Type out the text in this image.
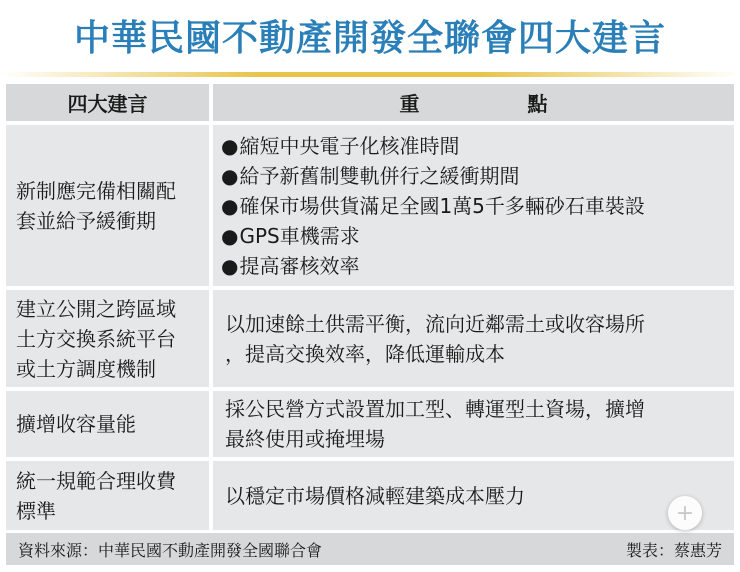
中華民國不動產開發全聯會四大建言
四大建言	重　點
新制應完備相關配
套並給予緩衝期
●縮短中央電子化核准時間
●給予新舊制雙軌併行之緩衝期間
●確保市場供貨滿足全國1萬5千多輛砂石車裝設
●GPS車機需求
●提高審核效率
建立公開之跨區域
土方交換系統平台
或土方調度機制
以加速餘土供需平衡，流向近鄰需土或收容場所
，提高交換效率，降低運輸成本
擴增收容量能
採公民營方式設置加工型、轉運型土資場，擴增
最終使用或掩埋場
統一規範合理收費
標準
以穩定市場價格減輕建築成本壓力
資料來源：中華民國不動產開發全國聯合會	製表：蔡惠芳
+
